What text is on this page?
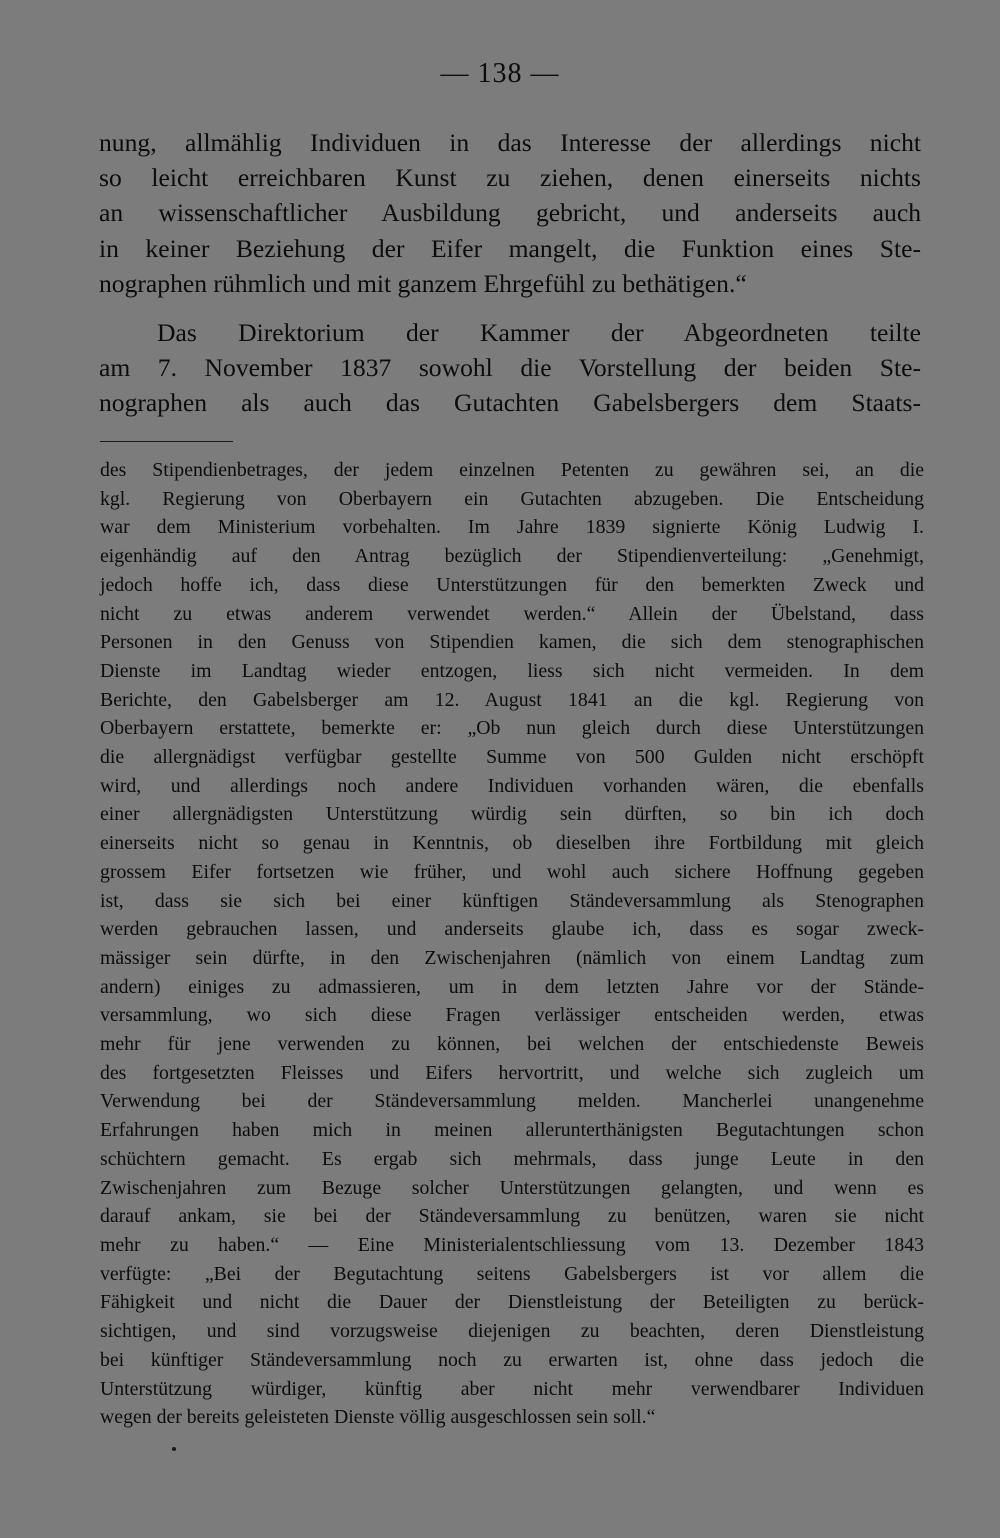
— 138 —
nung, allmählig Individuen in das Interesse der allerdings nicht
so leicht erreichbaren Kunst zu ziehen, denen einerseits nichts
an wissenschaftlicher Ausbildung gebricht, und anderseits auch
in keiner Beziehung der Eifer mangelt, die Funktion eines Ste-
nographen rühmlich und mit ganzem Ehrgefühl zu bethätigen.“
Das Direktorium der Kammer der Abgeordneten teilte
am 7. November 1837 sowohl die Vorstellung der beiden Ste-
nographen als auch das Gutachten Gabelsbergers dem Staats-
des Stipendienbetrages, der jedem einzelnen Petenten zu gewähren sei, an die
kgl. Regierung von Oberbayern ein Gutachten abzugeben. Die Entscheidung
war dem Ministerium vorbehalten. Im Jahre 1839 signierte König Ludwig I.
eigenhändig auf den Antrag bezüglich der Stipendienverteilung: „Genehmigt,
jedoch hoffe ich, dass diese Unterstützungen für den bemerkten Zweck und
nicht zu etwas anderem verwendet werden.“ Allein der Übelstand, dass
Personen in den Genuss von Stipendien kamen, die sich dem stenographischen
Dienste im Landtag wieder entzogen, liess sich nicht vermeiden. In dem
Berichte, den Gabelsberger am 12. August 1841 an die kgl. Regierung von
Oberbayern erstattete, bemerkte er: „Ob nun gleich durch diese Unterstützungen
die allergnädigst verfügbar gestellte Summe von 500 Gulden nicht erschöpft
wird, und allerdings noch andere Individuen vorhanden wären, die ebenfalls
einer allergnädigsten Unterstützung würdig sein dürften, so bin ich doch
einerseits nicht so genau in Kenntnis, ob dieselben ihre Fortbildung mit gleich
grossem Eifer fortsetzen wie früher, und wohl auch sichere Hoffnung gegeben
ist, dass sie sich bei einer künftigen Ständeversammlung als Stenographen
werden gebrauchen lassen, und anderseits glaube ich, dass es sogar zweck-
mässiger sein dürfte, in den Zwischenjahren (nämlich von einem Landtag zum
andern) einiges zu admassieren, um in dem letzten Jahre vor der Stände-
versammlung, wo sich diese Fragen verlässiger entscheiden werden, etwas
mehr für jene verwenden zu können, bei welchen der entschiedenste Beweis
des fortgesetzten Fleisses und Eifers hervortritt, und welche sich zugleich um
Verwendung bei der Ständeversammlung melden. Mancherlei unangenehme
Erfahrungen haben mich in meinen allerunterthänigsten Begutachtungen schon
schüchtern gemacht. Es ergab sich mehrmals, dass junge Leute in den
Zwischenjahren zum Bezuge solcher Unterstützungen gelangten, und wenn es
darauf ankam, sie bei der Ständeversammlung zu benützen, waren sie nicht
mehr zu haben.“ — Eine Ministerialentschliessung vom 13. Dezember 1843
verfügte: „Bei der Begutachtung seitens Gabelsbergers ist vor allem die
Fähigkeit und nicht die Dauer der Dienstleistung der Beteiligten zu berück-
sichtigen, und sind vorzugsweise diejenigen zu beachten, deren Dienstleistung
bei künftiger Ständeversammlung noch zu erwarten ist, ohne dass jedoch die
Unterstützung würdiger, künftig aber nicht mehr verwendbarer Individuen
wegen der bereits geleisteten Dienste völlig ausgeschlossen sein soll.“
